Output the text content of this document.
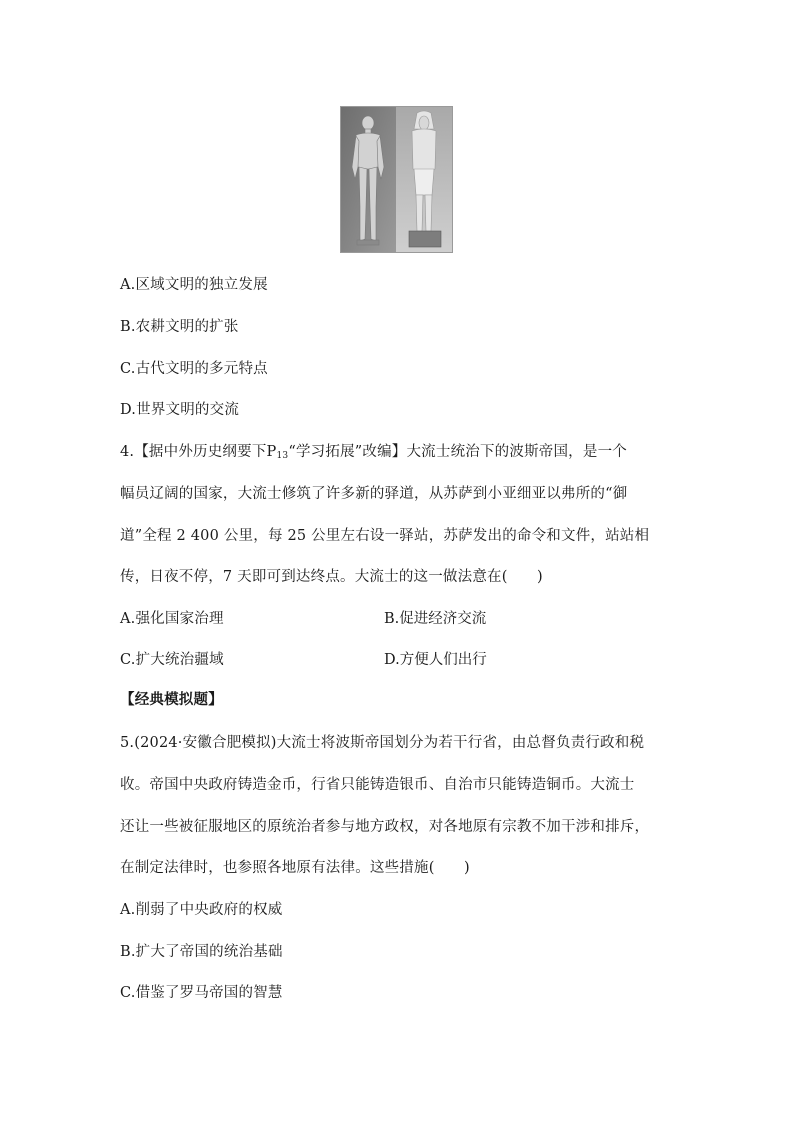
A.区域文明的独立发展
B.农耕文明的扩张
C.古代文明的多元特点
D.世界文明的交流
4.【据中外历史纲要下$P_{13}“$学习拓展”改编】大流士统治下的波斯帝国，是一个
幅员辽阔的国家，大流士修筑了许多新的驿道，从苏萨到小亚细亚以弗所的“御
道”全程 2 400 公里，每 25 公里左右设一驿站，苏萨发出的命令和文件，站站相
传，日夜不停，7 天即可到达终点。大流士的这一做法意在(　　)
A.强化国家治理	B.促进经济交流
C.扩大统治疆域	D.方便人们出行
【经典模拟题】
5.(2024·安徽合肥模拟)大流士将波斯帝国划分为若干行省，由总督负责行政和税
收。帝国中央政府铸造金币，行省只能铸造银币、自治市只能铸造铜币。大流士
还让一些被征服地区的原统治者参与地方政权，对各地原有宗教不加干涉和排斥，
在制定法律时，也参照各地原有法律。这些措施(　　)
A.削弱了中央政府的权威
B.扩大了帝国的统治基础
C.借鉴了罗马帝国的智慧
